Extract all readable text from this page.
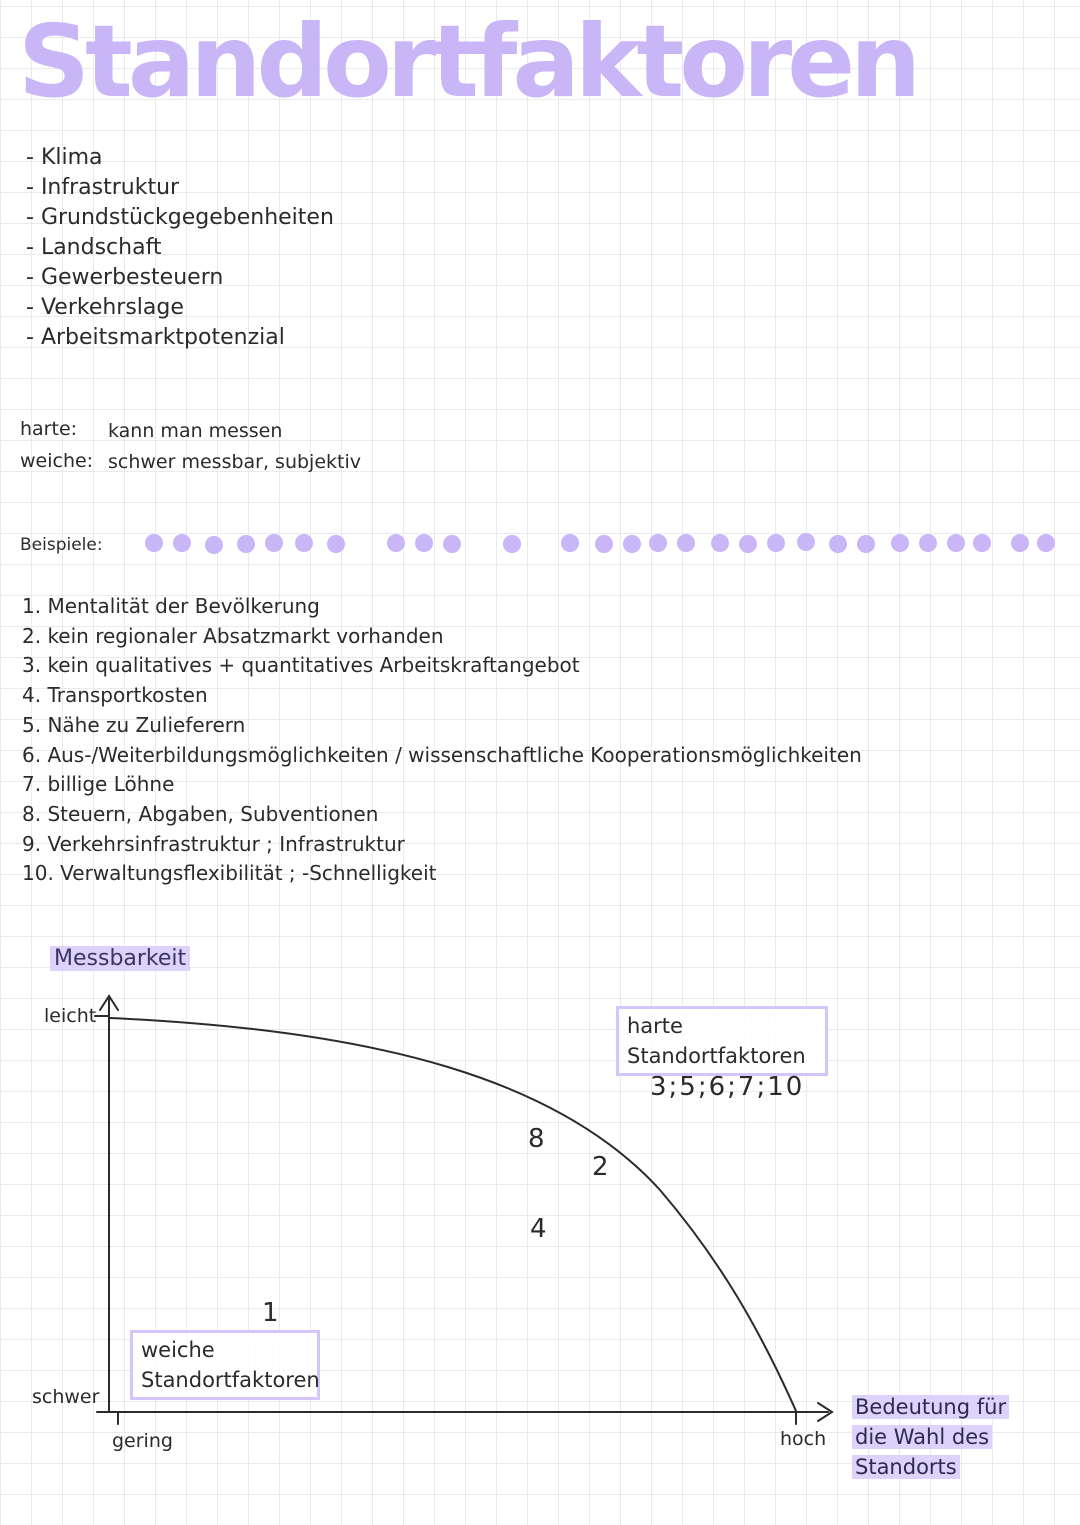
Standortfaktoren
- Klima
- Infrastruktur
- Grundstückgegebenheiten
- Landschaft
- Gewerbesteuern
- Verkehrslage
- Arbeitsmarktpotenzial
harte: kann man messen
weiche: schwer messbar, subjektiv
Beispiele:
1. Mentalität der Bevölkerung
2. kein regionaler Absatzmarkt vorhanden
3. kein qualitatives + quantitatives Arbeitskraftangebot
4. Transportkosten
5. Nähe zu Zulieferern
6. Aus-/Weiterbildungsmöglichkeiten / wissenschaftliche Kooperationsmöglichkeiten
7. billige Löhne
8. Steuern, Abgaben, Subventionen
9. Verkehrsinfrastruktur ; Infrastruktur
10. Verwaltungsflexibilität ; -Schnelligkeit
Messbarkeit
leicht
schwer
gering	hoch
8
2
4
1
harte
Standortfaktoren
3;5;6;7;10
weiche
Standortfaktoren
Bedeutung für
die Wahl des
Standorts
